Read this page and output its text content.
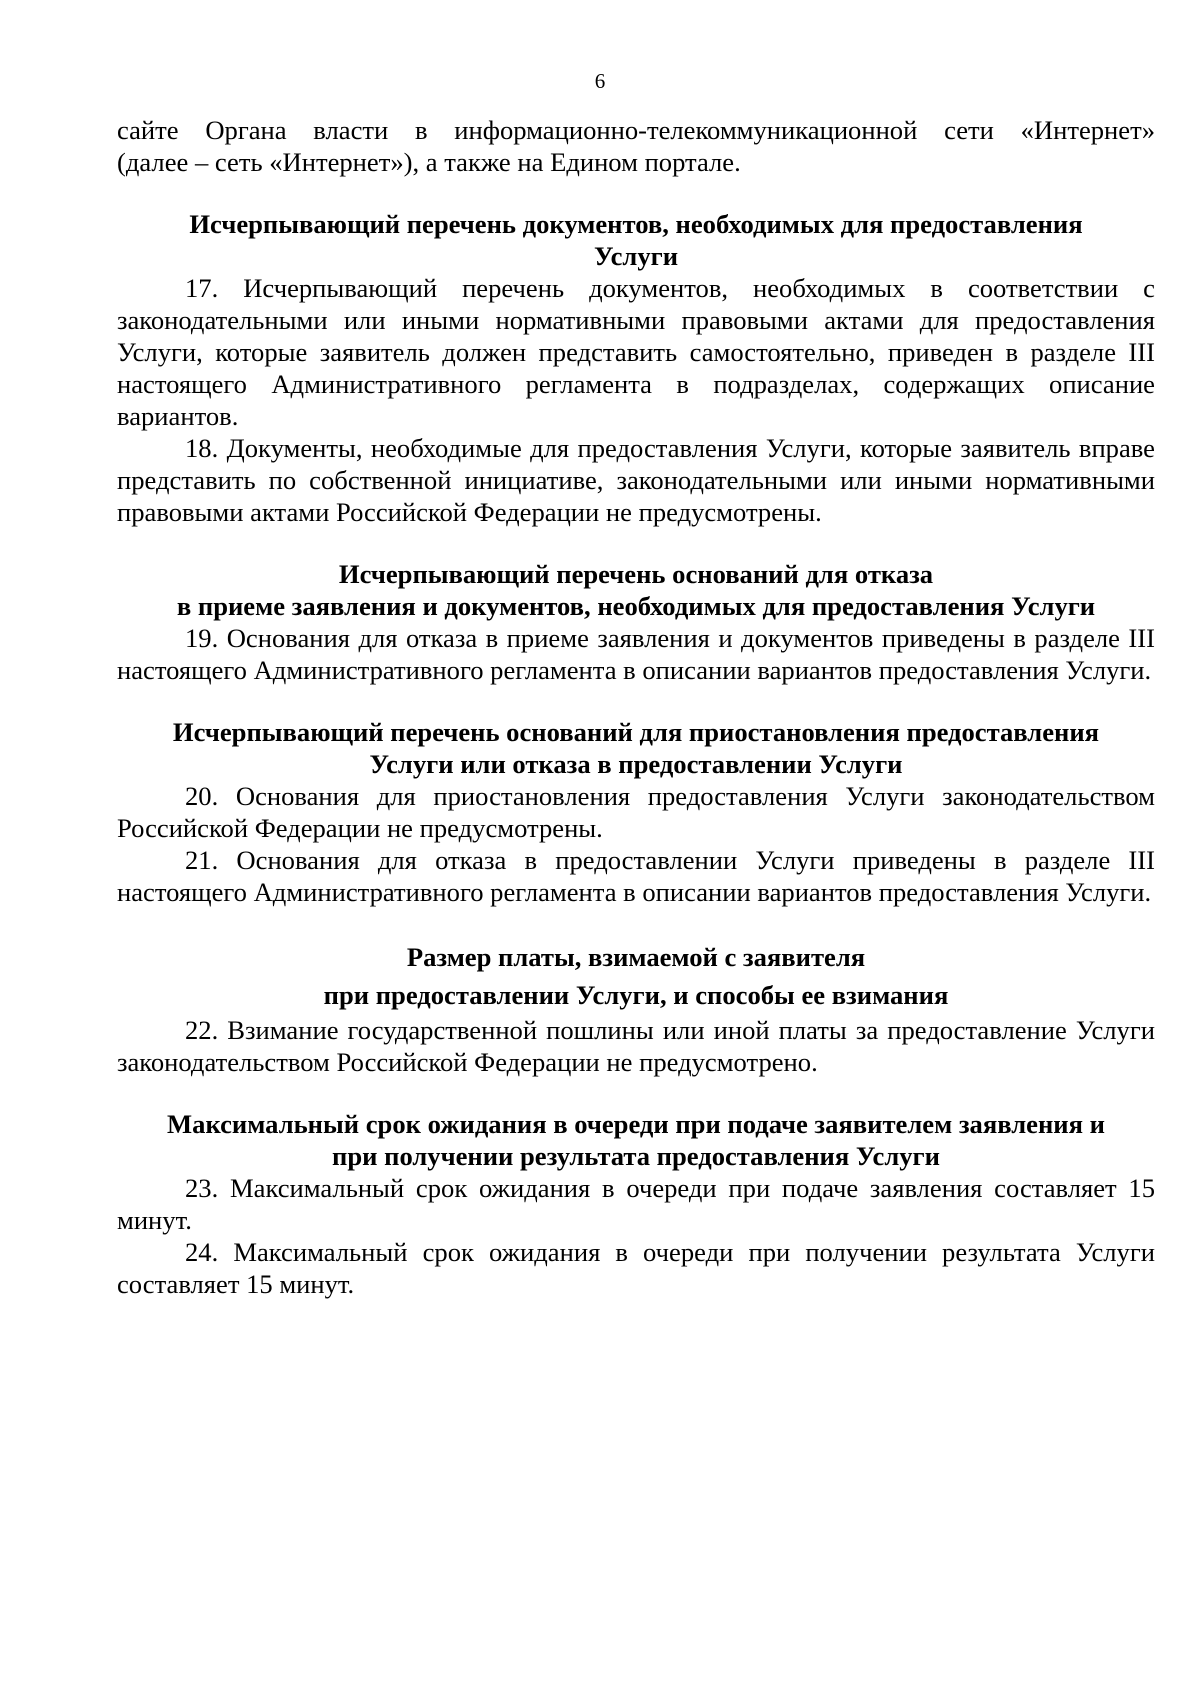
6

сайте Органа власти в информационно-телекоммуникационной сети «Интернет»

(далее – сеть «Интернет»), а также на Едином портале.

Исчерпывающий перечень документов, необходимых для предоставления
Услуги

17. Исчерпывающий перечень документов, необходимых в соответствии с законодательными или иными нормативными правовыми актами для предоставления Услуги, которые заявитель должен представить самостоятельно, приведен в разделе III настоящего Административного регламента в подразделах, содержащих описание вариантов.

18. Документы, необходимые для предоставления Услуги, которые заявитель вправе представить по собственной инициативе, законодательными или иными нормативными правовыми актами Российской Федерации не предусмотрены.

Исчерпывающий перечень оснований для отказа
в приеме заявления и документов, необходимых для предоставления Услуги

19. Основания для отказа в приеме заявления и документов приведены в разделе III настоящего Административного регламента в описании вариантов предоставления Услуги.

Исчерпывающий перечень оснований для приостановления предоставления
Услуги или отказа в предоставлении Услуги

20. Основания для приостановления предоставления Услуги законодательством Российской Федерации не предусмотрены.

21. Основания для отказа в предоставлении Услуги приведены в разделе III настоящего Административного регламента в описании вариантов предоставления Услуги.

Размер платы, взимаемой с заявителя
при предоставлении Услуги, и способы ее взимания

22. Взимание государственной пошлины или иной платы за предоставление Услуги законодательством Российской Федерации не предусмотрено.

Максимальный срок ожидания в очереди при подаче заявителем заявления и
при получении результата предоставления Услуги

23. Максимальный срок ожидания в очереди при подаче заявления составляет 15 минут.

24. Максимальный срок ожидания в очереди при получении результата Услуги составляет 15 минут.
